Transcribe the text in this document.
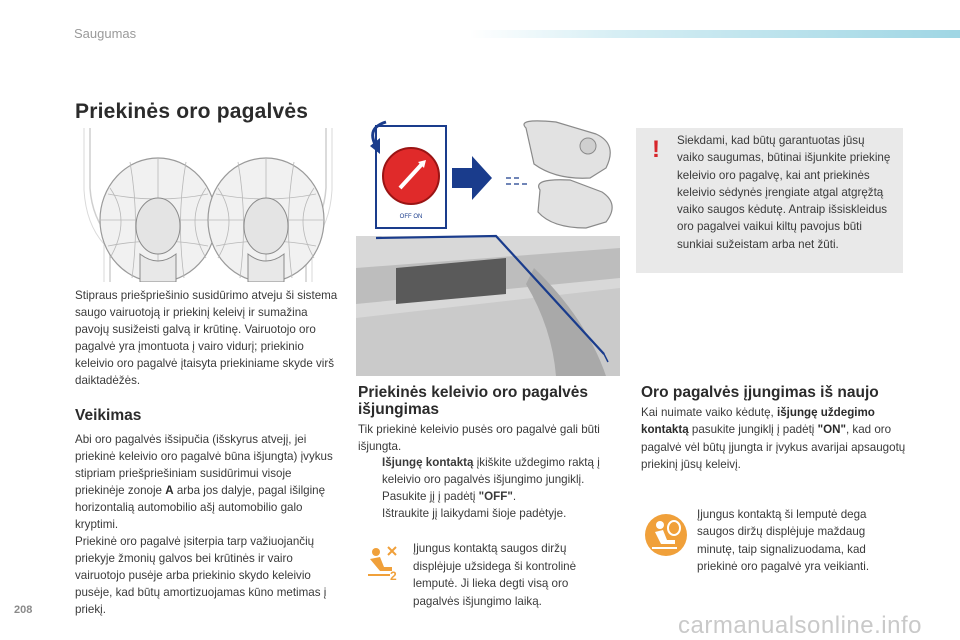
Saugumas
Priekinės oro pagalvės
OFF ON

Stipraus priešpriešinio susidūrimo atveju ši sistema saugo vairuotoją ir priekinį keleivį ir sumažina pavojų susižeisti galvą ir krūtinę. Vairuotojo oro pagalvė yra įmontuota į vairo vidurį; priekinio keleivio oro pagalvė įtaisyta priekiniame skyde virš daiktadėžės.

Veikimas

Abi oro pagalvės išsipučia (išskyrus atvejį, jei priekinė keleivio oro pagalvė būna išjungta) įvykus stipriam priešpriešiniam susidūrimui visoje priekinėje zonoje A arba jos dalyje, pagal išilginę horizontalią automobilio ašį automobilio galo kryptimi.

Priekinė oro pagalvė įsiterpia tarp važiuojančių priekyje žmonių galvos bei krūtinės ir vairo vairuotojo pusėje arba priekinio skydo keleivio pusėje, kad būtų amortizuojamas kūno metimas į priekį.

Priekinės keleivio oro pagalvės išjungimas

Tik priekinė keleivio pusės oro pagalvė gali būti išjungta.

Išjungę kontaktą įkiškite uždegimo raktą į keleivio oro pagalvės išjungimo jungiklį.
Pasukite jį į padėtį "OFF".
Ištraukite jį laikydami šioje padėtyje.
2

Įjungus kontaktą saugos diržų displėjuje užsidega ši kontrolinė lemputė. Ji lieka degti visą oro pagalvės išjungimo laiką.

! Siekdami, kad būtų garantuotas jūsų vaiko saugumas, būtinai išjunkite priekinę keleivio oro pagalvę, kai ant priekinės keleivio sėdynės įrengiate atgal atgręžtą vaiko saugos kėdutę. Antraip išsiskleidus oro pagalvei vaikui kiltų pavojus būti sunkiai sužeistam arba net žūti.

Oro pagalvės įjungimas iš naujo

Kai nuimate vaiko kėdutę, išjungę uždegimo kontaktą pasukite jungiklį į padėtį "ON", kad oro pagalvė vėl būtų įjungta ir įvykus avarijai apsaugotų priekinį jūsų keleivį.

Įjungus kontaktą ši lemputė dega saugos diržų displėjuje maždaug minutę, taip signalizuodama, kad priekinė oro pagalvė yra veikianti.

208
carmanualsonline.info
